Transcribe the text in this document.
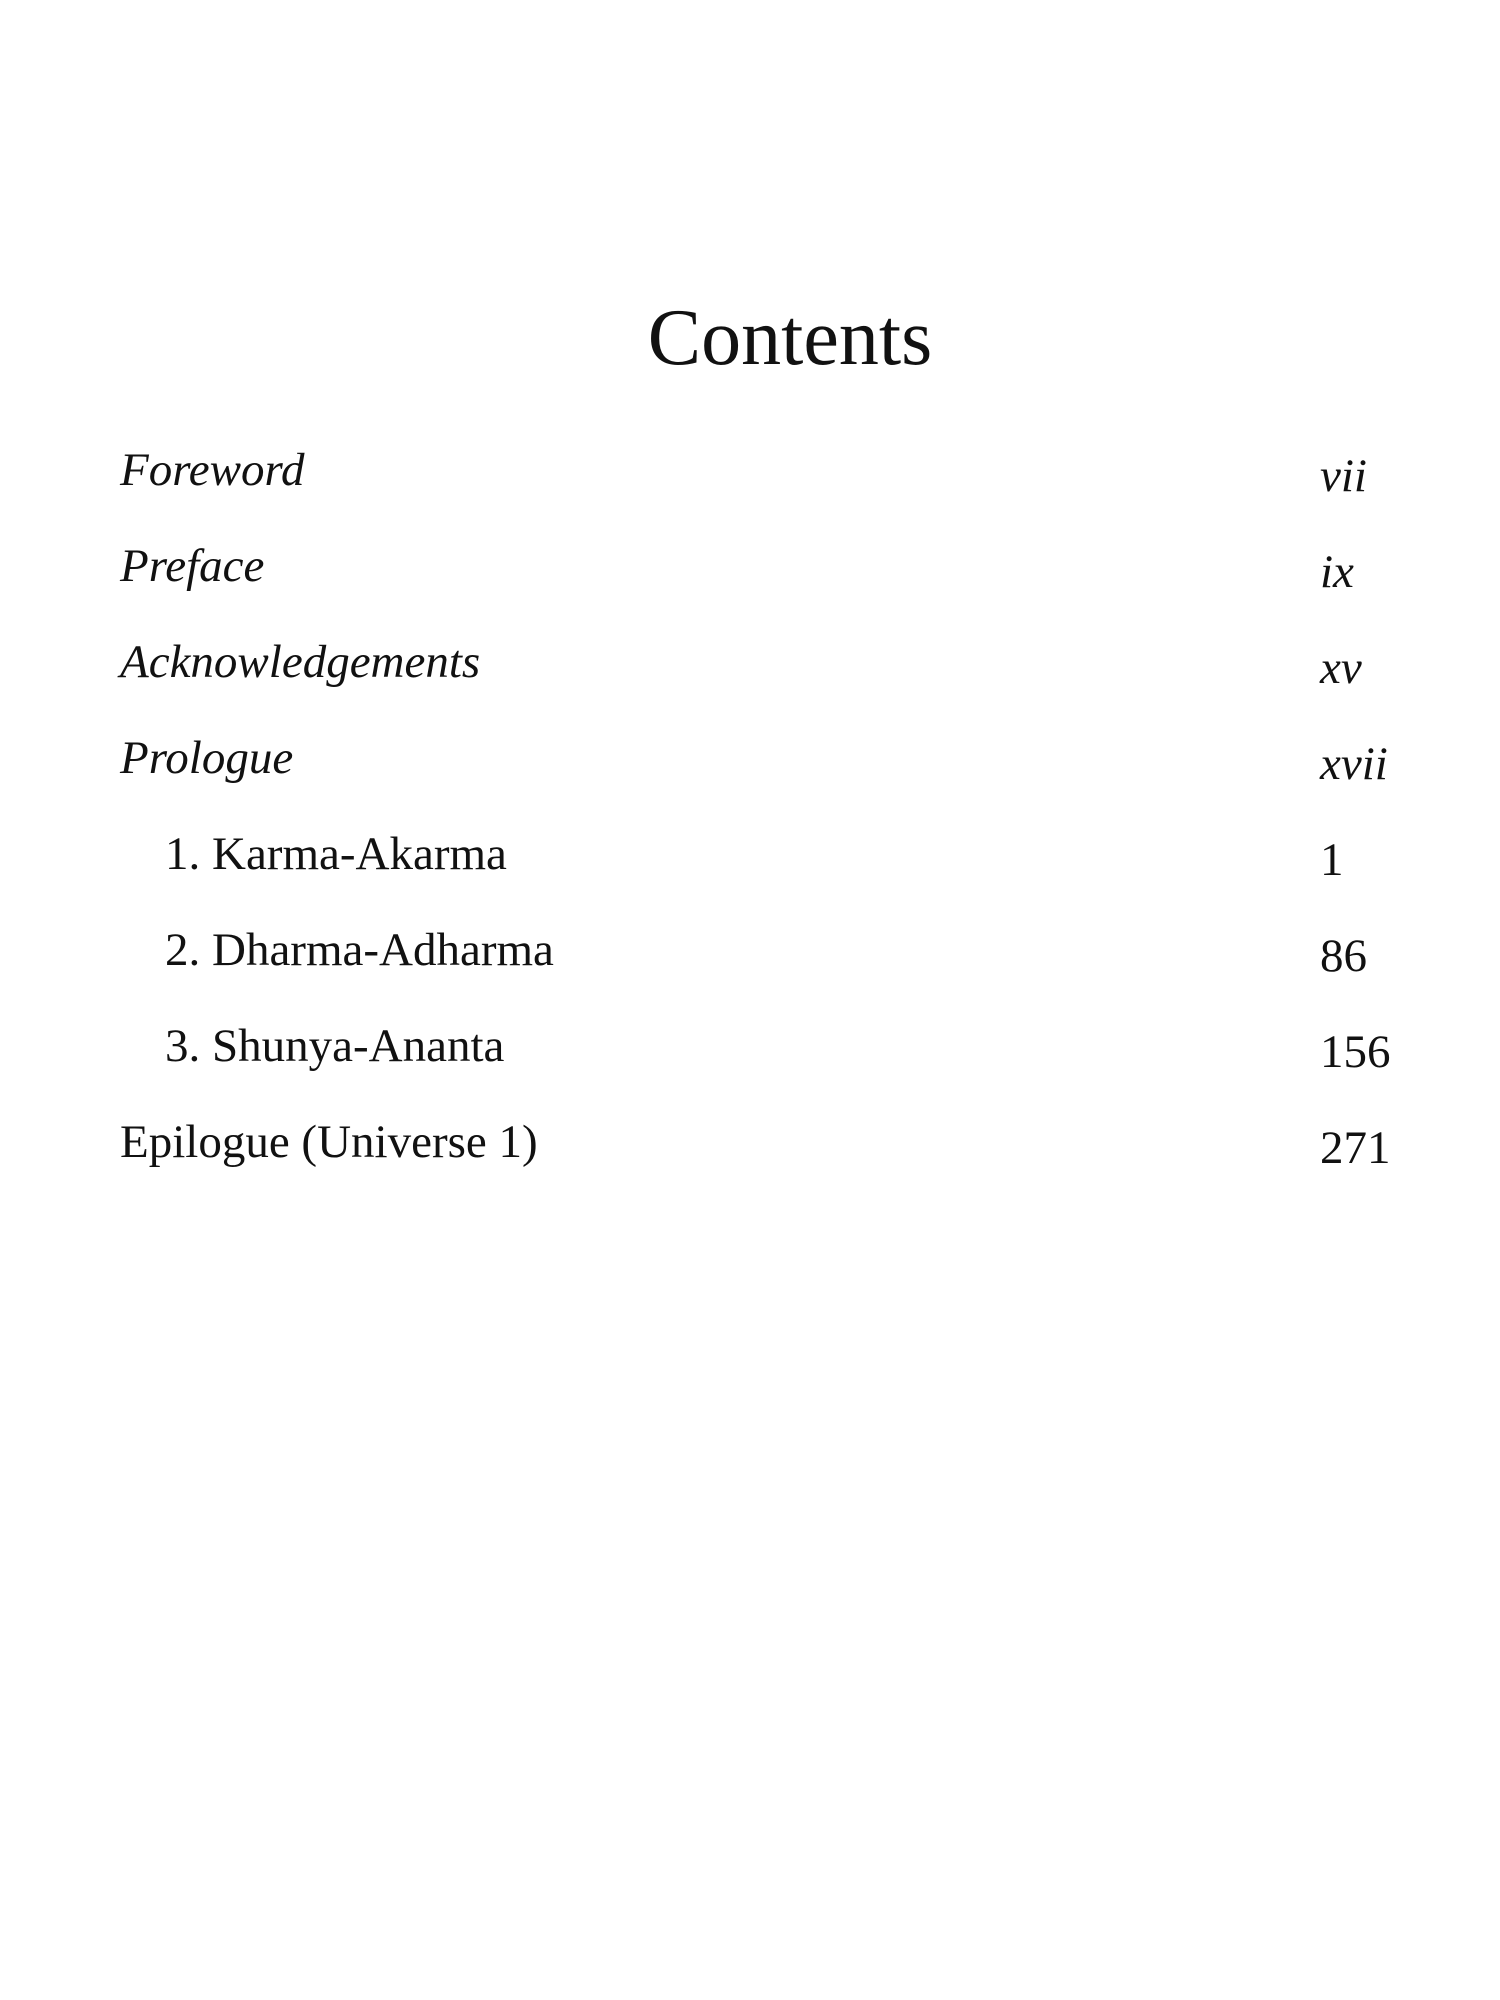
Contents
Foreword	vii
Preface	ix
Acknowledgements	xv
Prologue	xvii
1. Karma-Akarma	1
2. Dharma-Adharma	86
3. Shunya-Ananta	156
Epilogue (Universe 1)	271
